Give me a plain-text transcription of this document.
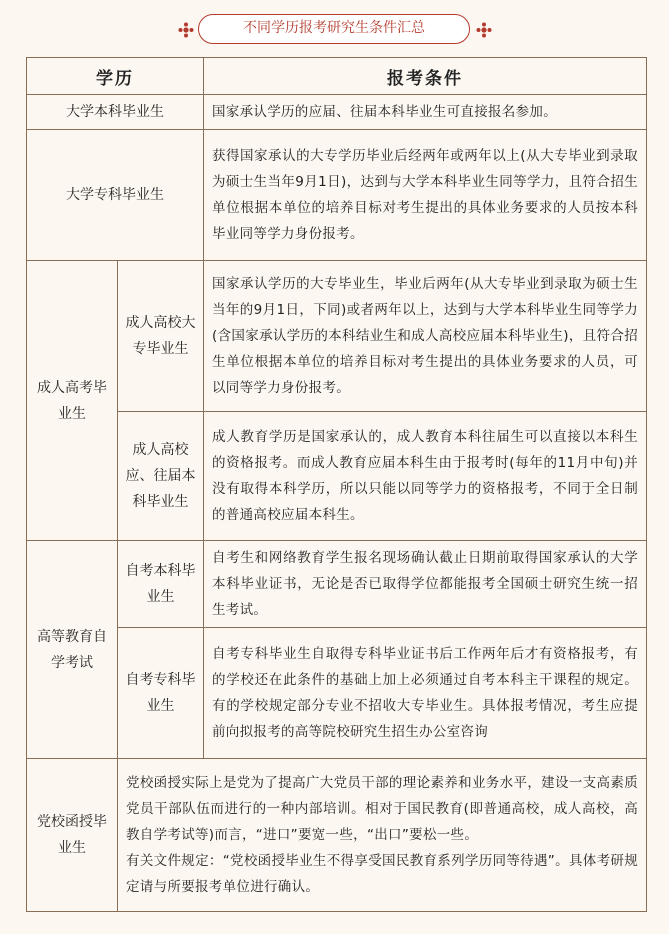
不同学历报考研究生条件汇总
学历		报考条件
大学本科毕业生		国家承认学历的应届、往届本科毕业生可直接报名参加。
大学专科毕业生		获得国家承认的大专学历毕业后经两年或两年以上(从大专毕业到录取为硕士生当年9月1日)，达到与大学本科毕业生同等学力，且符合招生单位根据本单位的培养目标对考生提出的具体业务要求的人员按本科毕业同等学力身份报考。
成人高考毕业生	成人高校大专毕业生	国家承认学历的大专毕业生，毕业后两年(从大专毕业到录取为硕士生当年的9月1日，下同)或者两年以上，达到与大学本科毕业生同等学力(含国家承认学历的本科结业生和成人高校应届本科毕业生)，且符合招生单位根据本单位的培养目标对考生提出的具体业务要求的人员，可以同等学力身份报考。
	成人高校应、往届本科毕业生	成人教育学历是国家承认的，成人教育本科往届生可以直接以本科生的资格报考。而成人教育应届本科生由于报考时(每年的11月中旬)并没有取得本科学历，所以只能以同等学力的资格报考，不同于全日制的普通高校应届本科生。
高等教育自学考试	自考本科毕业生	自考生和网络教育学生报名现场确认截止日期前取得国家承认的大学本科毕业证书，无论是否已取得学位都能报考全国硕士研究生统一招生考试。
	自考专科毕业生	自考专科毕业生自取得专科毕业证书后工作两年后才有资格报考，有的学校还在此条件的基础上加上必须通过自考本科主干课程的规定。有的学校规定部分专业不招收大专毕业生。具体报考情况，考生应提前向拟报考的高等院校研究生招生办公室咨询
党校函授毕业生	党校函授实际上是党为了提高广大党员干部的理论素养和业务水平，建设一支高素质党员干部队伍而进行的一种内部培训。相对于国民教育(即普通高校，成人高校，高教自学考试等)而言，“进口”要宽一些，“出口”要松一些。
有关文件规定：“党校函授毕业生不得享受国民教育系列学历同等待遇”。具体考研规定请与所要报考单位进行确认。	
